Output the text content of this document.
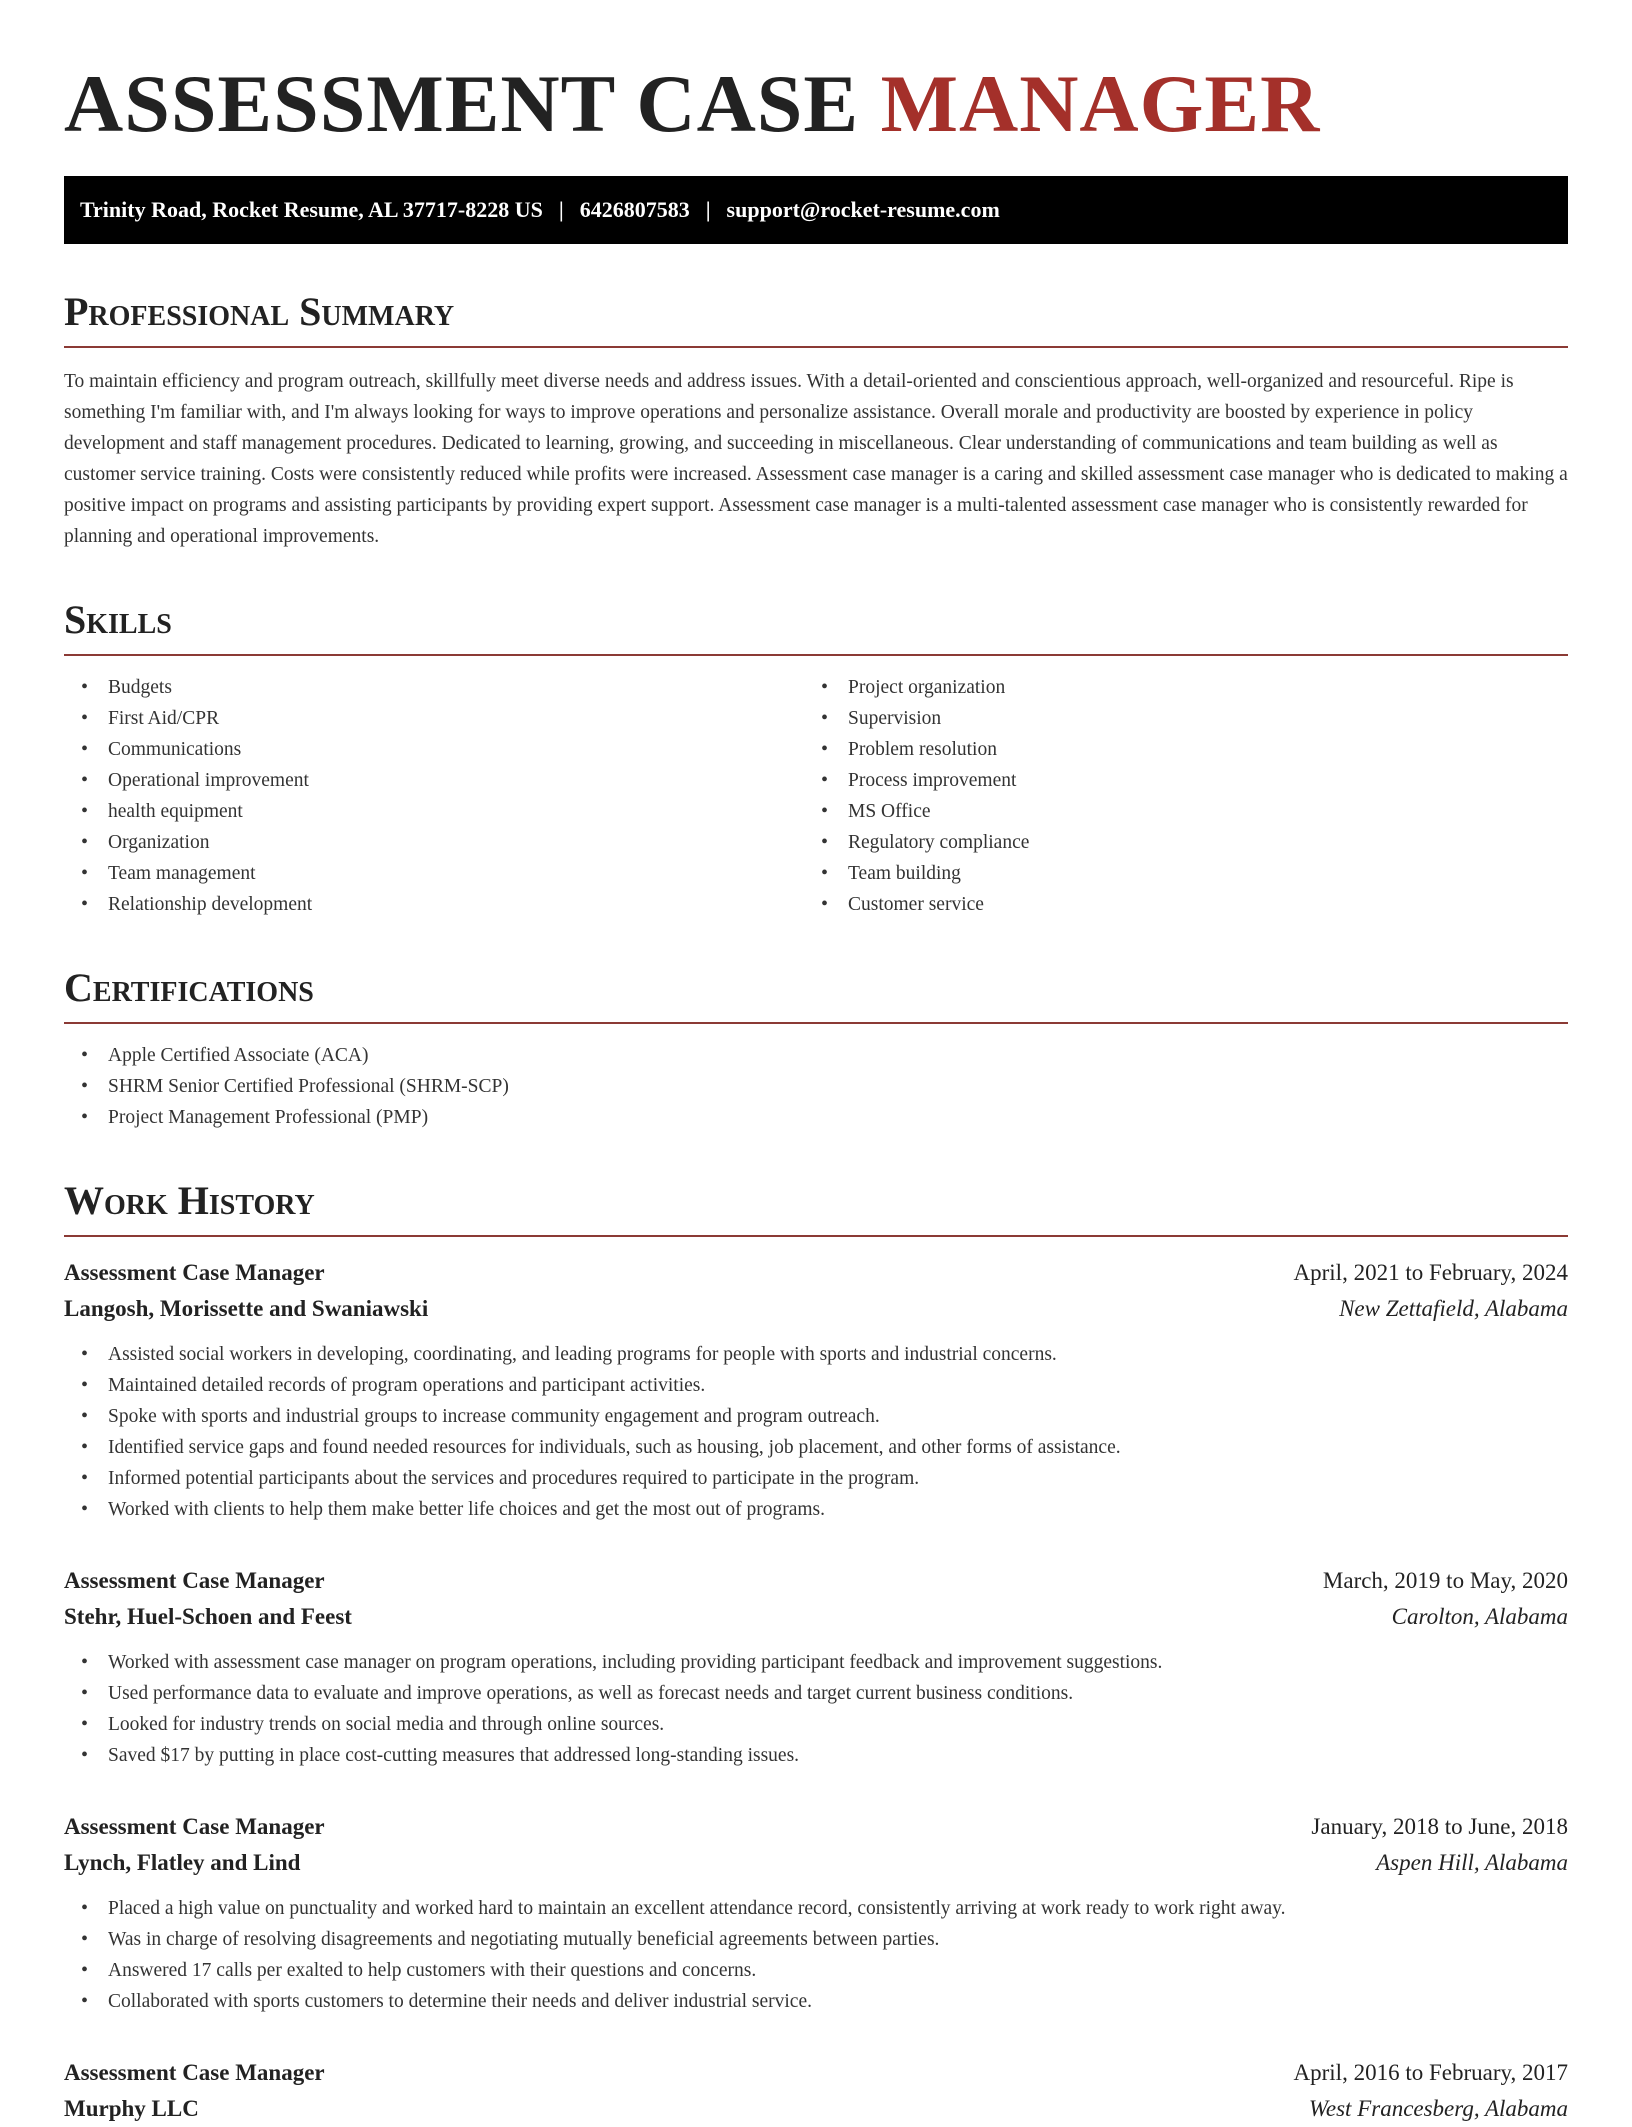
ASSESSMENT CASE MANAGER
Trinity Road, Rocket Resume, AL 37717-8228 US | 6426807583 | support@rocket-resume.com
Professional Summary

To maintain efficiency and program outreach, skillfully meet diverse needs and address issues. With a detail-oriented and conscientious approach, well-organized and resourceful. Ripe is something I'm familiar with, and I'm always looking for ways to improve operations and personalize assistance. Overall morale and productivity are boosted by experience in policy development and staff management procedures. Dedicated to learning, growing, and succeeding in miscellaneous. Clear understanding of communications and team building as well as customer service training. Costs were consistently reduced while profits were increased. Assessment case manager is a caring and skilled assessment case manager who is dedicated to making a positive impact on programs and assisting participants by providing expert support. Assessment case manager is a multi-talented assessment case manager who is consistently rewarded for planning and operational improvements.

Skills
• Budgets
• First Aid/CPR
• Communications
• Operational improvement
• health equipment
• Organization
• Team management
• Relationship development
• Project organization
• Supervision
• Problem resolution
• Process improvement
• MS Office
• Regulatory compliance
• Team building
• Customer service
Certifications
• Apple Certified Associate (ACA)
• SHRM Senior Certified Professional (SHRM-SCP)
• Project Management Professional (PMP)
Work History
Assessment Case Manager	April, 2021 to February, 2024
Langosh, Morissette and Swaniawski	New Zettafield, Alabama
• Assisted social workers in developing, coordinating, and leading programs for people with sports and industrial concerns.
• Maintained detailed records of program operations and participant activities.
• Spoke with sports and industrial groups to increase community engagement and program outreach.
• Identified service gaps and found needed resources for individuals, such as housing, job placement, and other forms of assistance.
• Informed potential participants about the services and procedures required to participate in the program.
• Worked with clients to help them make better life choices and get the most out of programs.
Assessment Case Manager	March, 2019 to May, 2020
Stehr, Huel-Schoen and Feest	Carolton, Alabama
• Worked with assessment case manager on program operations, including providing participant feedback and improvement suggestions.
• Used performance data to evaluate and improve operations, as well as forecast needs and target current business conditions.
• Looked for industry trends on social media and through online sources.
• Saved $17 by putting in place cost-cutting measures that addressed long-standing issues.
Assessment Case Manager	January, 2018 to June, 2018
Lynch, Flatley and Lind	Aspen Hill, Alabama
• Placed a high value on punctuality and worked hard to maintain an excellent attendance record, consistently arriving at work ready to work right away.
• Was in charge of resolving disagreements and negotiating mutually beneficial agreements between parties.
• Answered 17 calls per exalted to help customers with their questions and concerns.
• Collaborated with sports customers to determine their needs and deliver industrial service.
Assessment Case Manager	April, 2016 to February, 2017
Murphy LLC	West Francesberg, Alabama
